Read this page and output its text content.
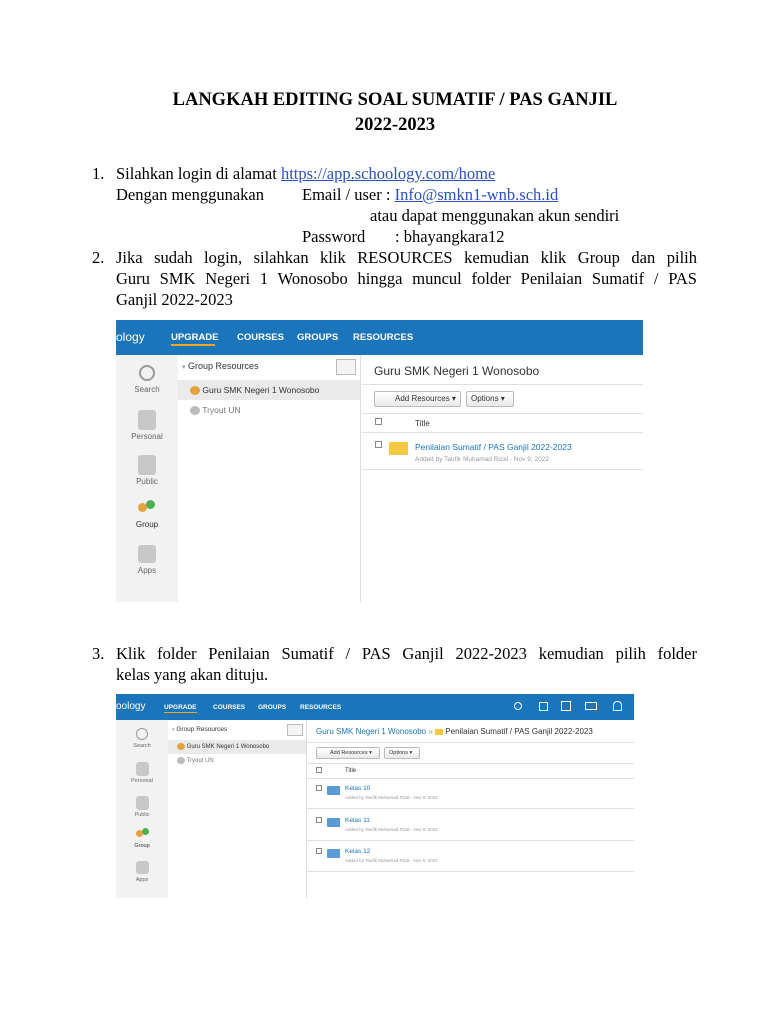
LANGKAH EDITING SOAL SUMATIF / PAS GANJIL
2022-2023
1. Silahkan login di alamat https://app.schoology.com/home
Dengan menggunakan Email / user : Info@smkn1-wnb.sch.id
atau dapat menggunakan akun sendiri
Password : bhayangkara12
2. Jika sudah login, silahkan klik RESOURCES kemudian klik Group dan pilih
Guru SMK Negeri 1 Wonosobo hingga muncul folder Penilaian Sumatif / PAS
Ganjil 2022-2023
ology	UPGRADE COURSES GROUPS RESOURCES
Search
Personal
Public
Group
Apps
▾ Group Resources
Guru SMK Negeri 1 Wonosobo
Tryout UN
Guru SMK Negeri 1 Wonosobo
Add Resources ▾	Options ▾
Title
Penilaian Sumatif / PAS Ganjil 2022-2023
Added by Taufik Muhamad Rizal - Nov 9, 2022
3. Klik folder Penilaian Sumatif / PAS Ganjil 2022-2023 kemudian pilih folder
kelas yang akan dituju.
oology	UPGRADE	COURSES GROUPS RESOURCES
Search
Personal
Public
Group
Apps
▾ Group Resources
Guru SMK Negeri 1 Wonosobo
Tryout UN
Guru SMK Negeri 1 Wonosobo » Penilaian Sumatif / PAS Ganjil 2022-2023
Add Resources ▾	Options ▾
Title
Kelas 10
Added by Taufik Muhamad Rizal - Nov 9, 2022
Kelas 11
Added by Taufik Muhamad Rizal - Nov 9, 2022
Kelas 12
Added by Taufik Muhamad Rizal - Nov 9, 2022
